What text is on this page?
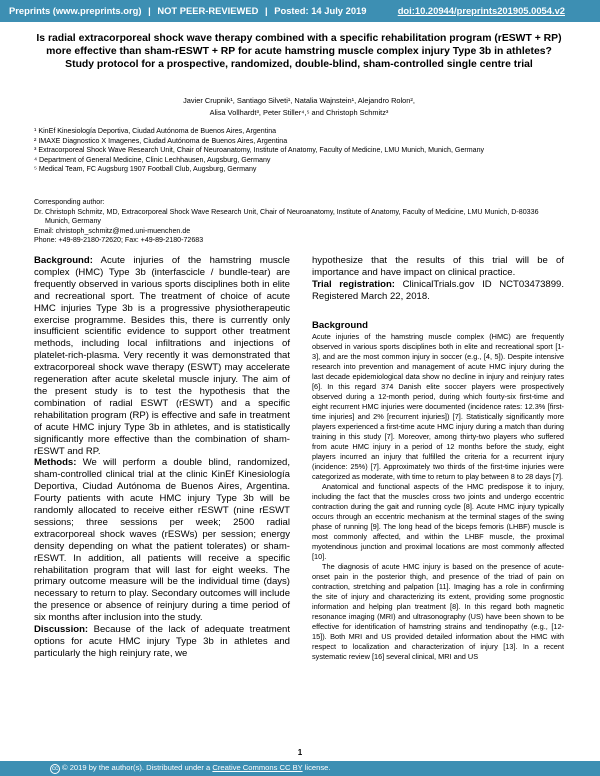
Preprints (www.preprints.org) | NOT PEER-REVIEWED | Posted: 14 July 2019	doi:10.20944/preprints201905.0054.v2
Is radial extracorporeal shock wave therapy combined with a specific rehabilitation program (rESWT + RP) more effective than sham-rESWT + RP for acute hamstring muscle complex injury Type 3b in athletes? Study protocol for a prospective, randomized, double-blind, sham-controlled single centre trial
Javier Crupnik¹, Santiago Silveti¹, Natalia Wajnstein¹, Alejandro Rolon²,
Alisa Vollhardt³, Peter Stiller⁴,⁵ and Christoph Schmitz³
¹ KinEf Kinesiología Deportiva, Ciudad Autónoma de Buenos Aires, Argentina
² IMAXE Diagnostico X Imagenes, Ciudad Autónoma de Buenos Aires, Argentina
³ Extracorporeal Shock Wave Research Unit, Chair of Neuroanatomy, Institute of Anatomy, Faculty of Medicine, LMU Munich, Munich, Germany
⁴ Department of General Medicine, Clinic Lechhausen, Augsburg, Germany
⁵ Medical Team, FC Augsburg 1907 Football Club, Augsburg, Germany
Corresponding author:
Dr. Christoph Schmitz, MD, Extracorporeal Shock Wave Research Unit, Chair of Neuroanatomy, Institute of Anatomy, Faculty of Medicine, LMU Munich, D-80336 Munich, Germany
Email: christoph_schmitz@med.uni-muenchen.de
Phone: +49-89-2180-72620; Fax: +49-89-2180-72683
Background: Acute injuries of the hamstring muscle complex (HMC) Type 3b (interfascicle / bundle-tear) are frequently observed in various sports disciplines both in elite and recreational sport. The treatment of choice of acute HMC injuries Type 3b is a progressive physiotherapeutic exercise programme. Besides this, there is currently only insufficient scientific evidence to support other treatment methods, including local infiltrations and injections of platelet-rich-plasma. Very recently it was demonstrated that extracorporeal shock wave therapy (ESWT) may accelerate regeneration after acute skeletal muscle injury. The aim of the present study is to test the hypothesis that the combination of radial ESWT (rESWT) and a specific rehabilitation program (RP) is effective and safe in treatment of acute HMC injury Type 3b in athletes, and is statistically significantly more effective than the combination of sham-rESWT and RP.
Methods: We will perform a double blind, randomized, sham-controlled clinical trial at the clinic KinEf Kinesiología Deportiva, Ciudad Autónoma de Buenos Aires, Argentina. Fourty patients with acute HMC injury Type 3b will be randomly allocated to receive either rESWT (nine rESWT sessions; three sessions per week; 2500 radial extracorporeal shock waves (rESWs) per session; energy density depending on what the patient tolerates) or sham-rESWT. In addition, all patients will receive a specific rehabilitation program that will last for eight weeks. The primary outcome measure will be the individual time (days) necessary to return to play. Secondary outcomes will include the presence or absence of reinjury during a time period of six months after inclusion into the study.
Discussion: Because of the lack of adequate treatment options for acute HMC injury Type 3b in athletes and particularly the high reinjury rate, we
hypothesize that the results of this trial will be of importance and have impact on clinical practice.
Trial registration: ClinicalTrials.gov ID NCT03473899. Registered March 22, 2018.
Background

Acute injuries of the hamstring muscle complex (HMC) are frequently observed in various sports disciplines both in elite and recreational sport [1-3], and are the most common injury in soccer (e.g., [4, 5]). Despite intensive research into prevention and management of acute HMC injury during the last decade epidemiological data show no decline in injury and reinjury rates [6]. In this regard 374 Danish elite soccer players were prospectively observed during a 12-month period, during which fourty-six first-time and eight recurrent HMC injuries were documented (incidence rates: 12.3% [first-time injuries] and 2% [recurrent injuries]) [7]. Statistically significantly more players experienced a first-time acute HMC injury during a match than during training in this study [7]. Moreover, among thirty-two players who suffered from acute HMC injury in a period of 12 months before the study, eight players incurred an injury that fulfilled the criteria for a recurrent injury (incidence: 25%) [7]. Approximately two thirds of the first-time injuries were categorized as moderate, with time to return to play between 8 to 28 days [7].

Anatomical and functional aspects of the HMC predispose it to injury, including the fact that the muscles cross two joints and undergo eccentric contraction during the gait and running cycle [8]. Acute HMC injury typically occurs through an eccentric mechanism at the terminal stages of the swing phase of running [9]. The long head of the biceps femoris (LHBF) muscle is most commonly affected, and within the LHBF muscle, the proximal myotendinous junction and proximal locations are most commonly affected [10].

The diagnosis of acute HMC injury is based on the presence of acute-onset pain in the posterior thigh, and presence of the triad of pain on contraction, stretching and palpation [11]. Imaging has a role in confirming the site of injury and characterizing its extent, providing some prognostic information and helping plan treatment [8]. In this regard both magnetic resonance imaging (MRI) and ultrasonography (US) have been shown to be effective for identification of hamstring strains and tendinopathy (e.g., [12-15]). Both MRI and US provided detailed information about the HMC with respect to localization and characterization of injury [13]. In a recent systematic review [16] several clinical, MRI and US

1
cc © 2019 by the author(s). Distributed under a Creative Commons CC BY license.
